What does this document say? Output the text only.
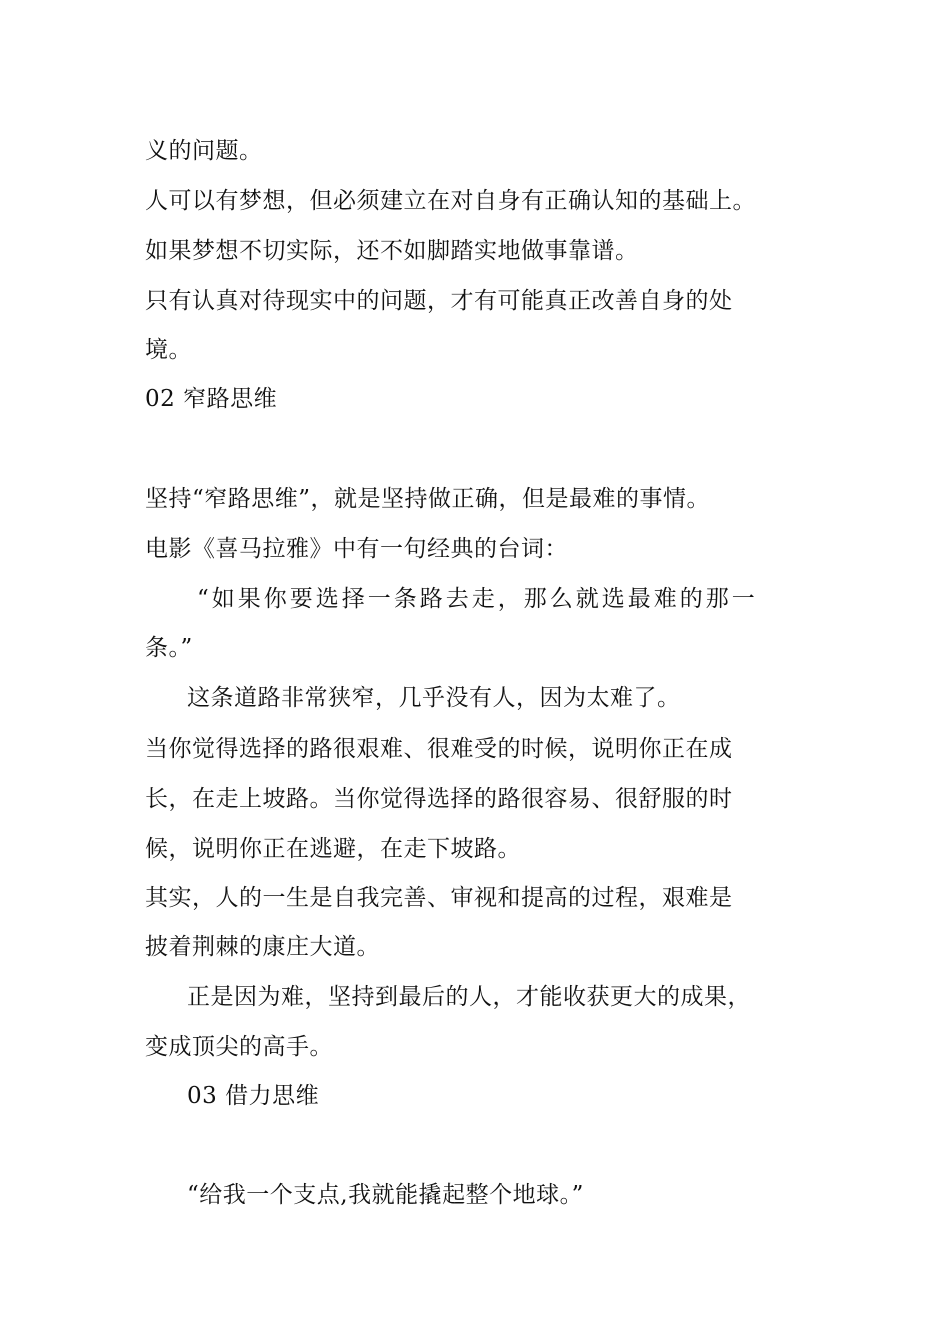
义的问题。
人可以有梦想，但必须建立在对自身有正确认知的基础上。
如果梦想不切实际，还不如脚踏实地做事靠谱。
只有认真对待现实中的问题，才有可能真正改善自身的处
境。
02 窄路思维
坚持“窄路思维”，就是坚持做正确，但是最难的事情。
电影《喜马拉雅》中有一句经典的台词：
“如果你要选择一条路去走，那么就选最难的那一
条。”
这条道路非常狭窄，几乎没有人，因为太难了。
当你觉得选择的路很艰难、很难受的时候，说明你正在成
长，在走上坡路。当你觉得选择的路很容易、很舒服的时
候，说明你正在逃避，在走下坡路。
其实，人的一生是自我完善、审视和提高的过程，艰难是
披着荆棘的康庄大道。
正是因为难，坚持到最后的人，才能收获更大的成果，
变成顶尖的高手。
03 借力思维
“给我一个支点,我就能撬起整个地球。”
